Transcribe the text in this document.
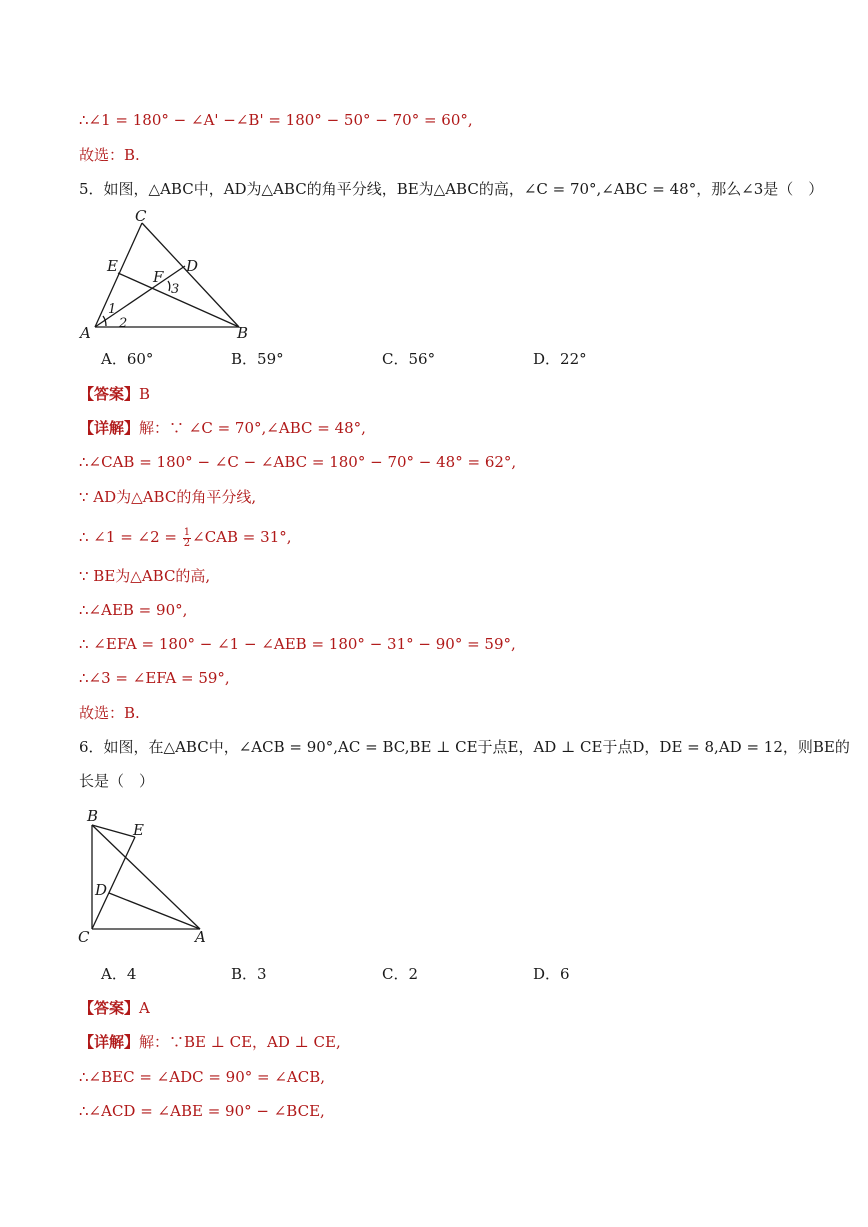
∴∠1 = 180° − ∠A' −∠B' = 180° − 50° − 70° = 60°,
故选：B.
5．如图，△ABC中，AD为△ABC的角平分线，BE为△ABC的高，∠C = 70°,∠ABC = 48°，那么∠3是（　）
C
E	D
F
A	B
1
2
3
A．60°	B．59°	C．56°	D．22°
【答案】B
【详解】解：∵ ∠C = 70°,∠ABC = 48°,
∴∠CAB = 180° − ∠C − ∠ABC = 180° − 70° − 48° = 62°,
∵ AD为△ABC的角平分线,
∴ ∠1 = ∠2 = $\frac{1}{2}$ ∠CAB = 31°,
∵ BE为△ABC的高,
∴∠AEB = 90°,
∴ ∠EFA = 180° − ∠1 − ∠AEB = 180° − 31° − 90° = 59°,
∴∠3 = ∠EFA = 59°,
故选：B.
6．如图，在△ABC中，∠ACB = 90°,AC = BC,BE ⊥ CE于点E，AD ⊥ CE于点D，DE = 8,AD = 12，则BE的
长是（　）
B
E
D
C	A
A．4	B．3	C．2	D．6
【答案】A
【详解】解：∵BE ⊥ CE，AD ⊥ CE,
∴∠BEC = ∠ADC = 90° = ∠ACB,
∴∠ACD = ∠ABE = 90° − ∠BCE,
